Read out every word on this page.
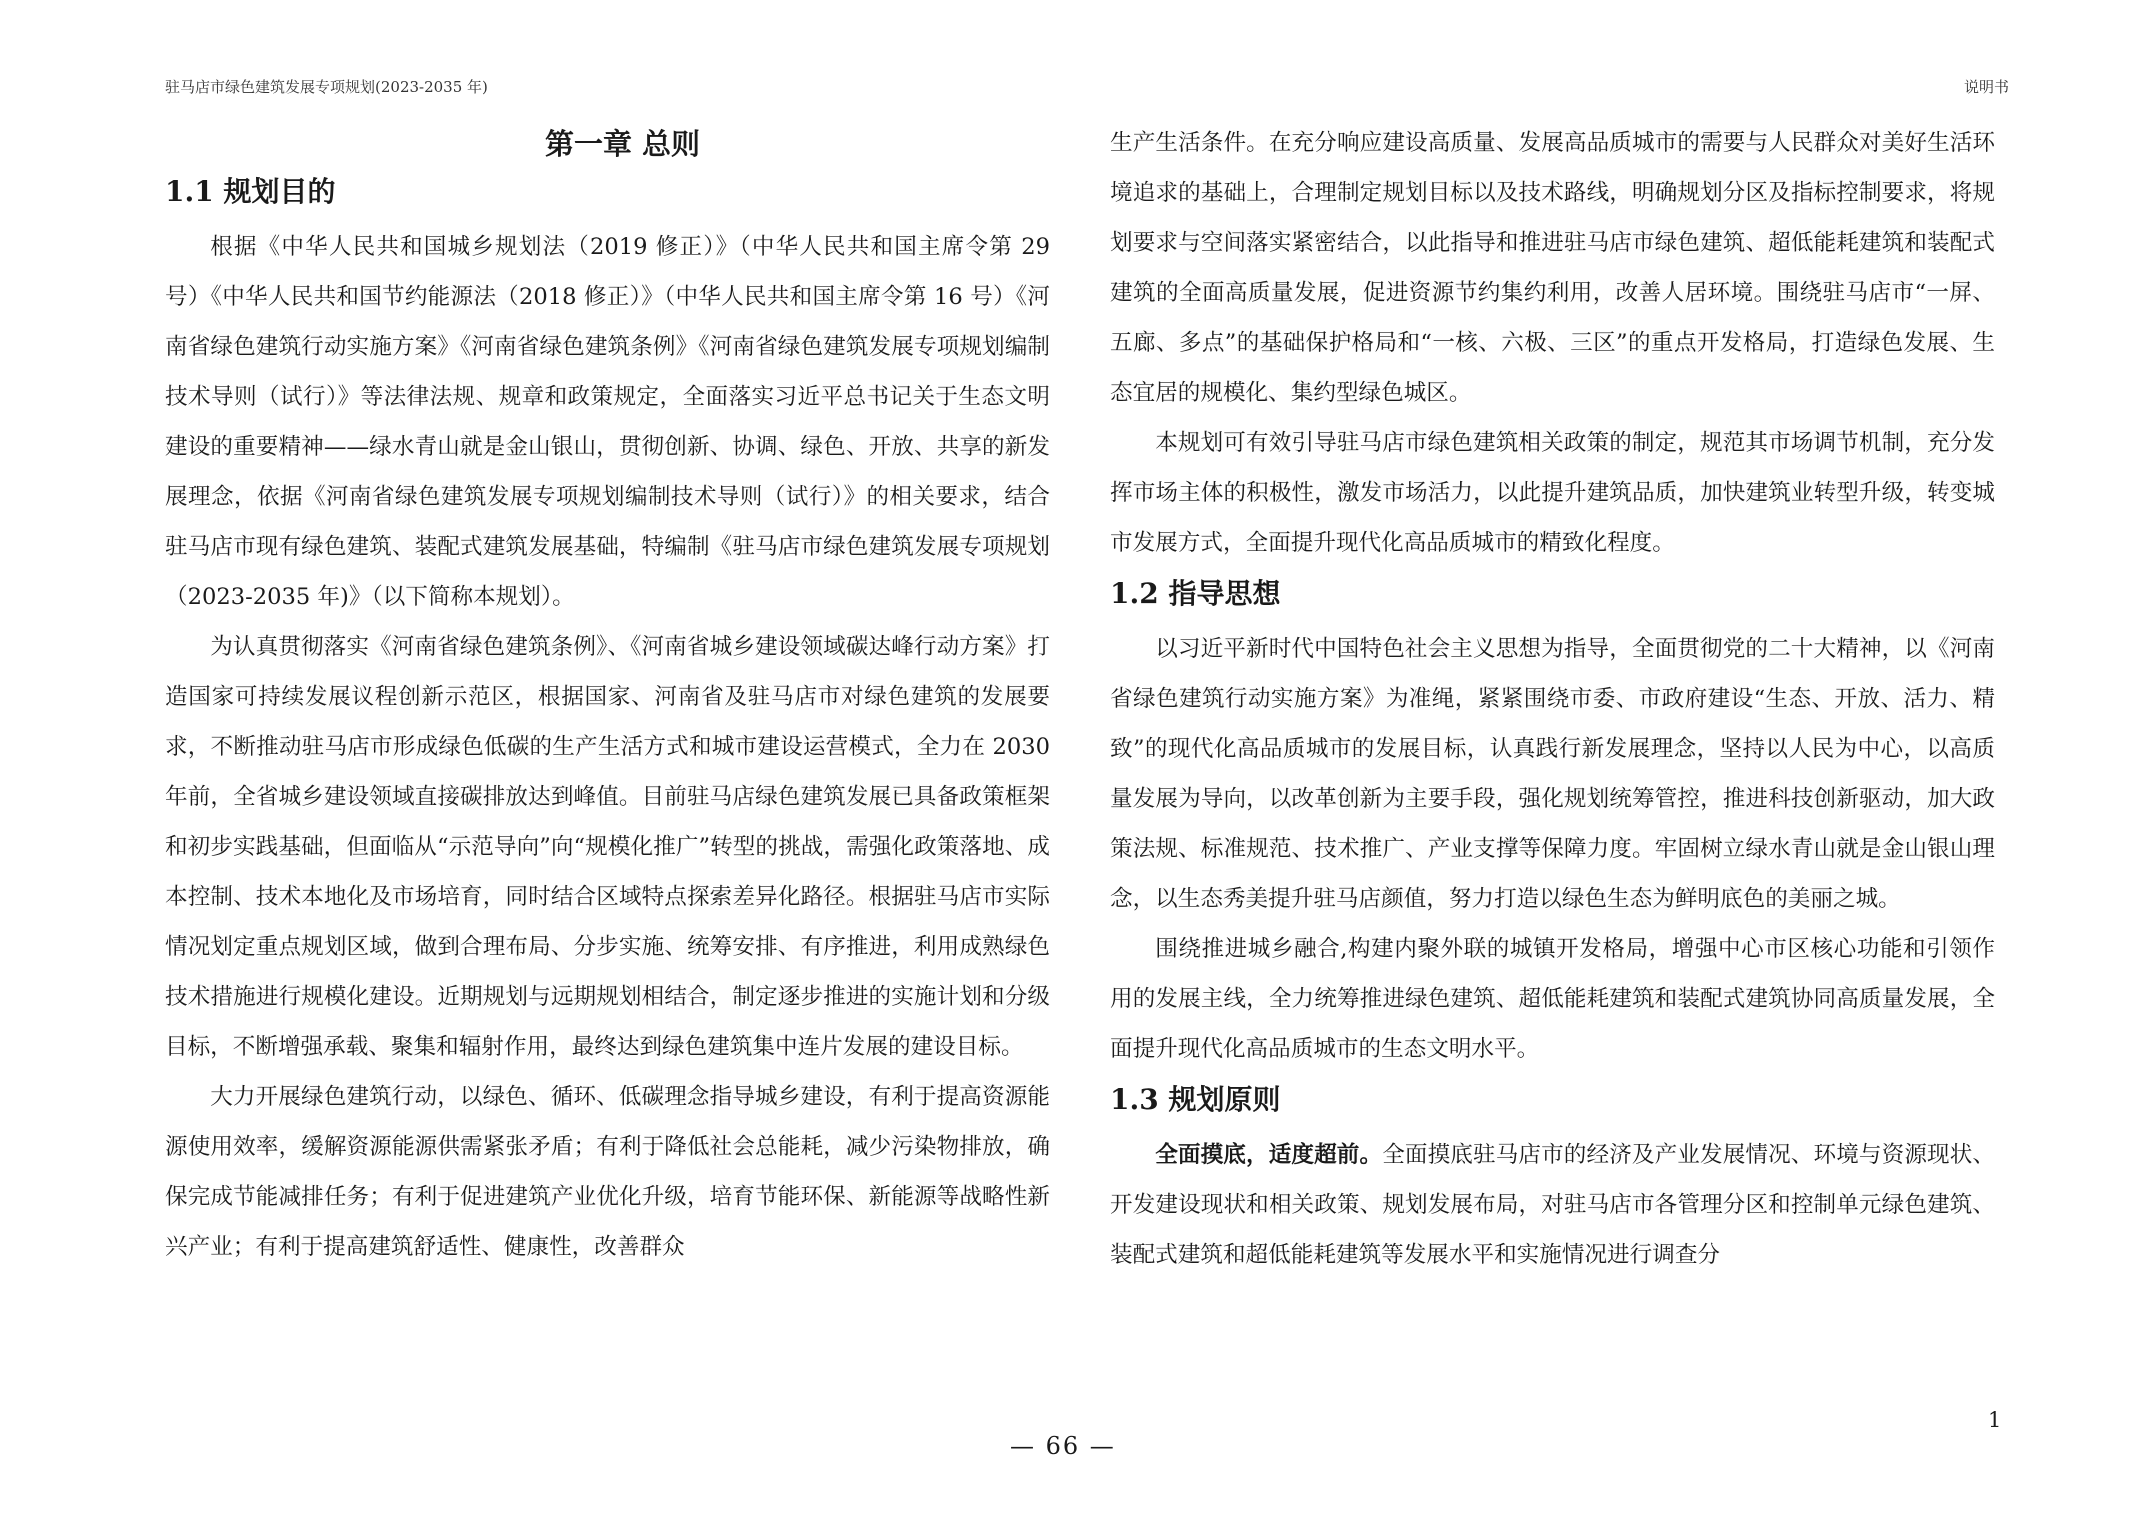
驻马店市绿色建筑发展专项规划(2023-2035 年)	说明书
第一章 总则
1.1 规划目的

根据《中华人民共和国城乡规划法（2019 修正）》（中华人民共和国主席令第 29 号）《中华人民共和国节约能源法（2018 修正）》（中华人民共和国主席令第 16 号）《河南省绿色建筑行动实施方案》《河南省绿色建筑条例》《河南省绿色建筑发展专项规划编制技术导则（试行）》等法律法规、规章和政策规定，全面落实习近平总书记关于生态文明建设的重要精神——绿水青山就是金山银山，贯彻创新、协调、绿色、开放、共享的新发展理念，依据《河南省绿色建筑发展专项规划编制技术导则（试行）》的相关要求，结合驻马店市现有绿色建筑、装配式建筑发展基础，特编制《驻马店市绿色建筑发展专项规划（2023-2035 年)》（以下简称本规划）。

为认真贯彻落实《河南省绿色建筑条例》、《河南省城乡建设领域碳达峰行动方案》打造国家可持续发展议程创新示范区，根据国家、河南省及驻马店市对绿色建筑的发展要求，不断推动驻马店市形成绿色低碳的生产生活方式和城市建设运营模式，全力在 2030 年前，全省城乡建设领域直接碳排放达到峰值。目前驻马店绿色建筑发展已具备政策框架和初步实践基础，但面临从“示范导向”向“规模化推广”转型的挑战，需强化政策落地、成本控制、技术本地化及市场培育，同时结合区域特点探索差异化路径。根据驻马店市实际情况划定重点规划区域，做到合理布局、分步实施、统筹安排、有序推进，利用成熟绿色技术措施进行规模化建设。近期规划与远期规划相结合，制定逐步推进的实施计划和分级目标，不断增强承载、聚集和辐射作用，最终达到绿色建筑集中连片发展的建设目标。

大力开展绿色建筑行动，以绿色、循环、低碳理念指导城乡建设，有利于提高资源能源使用效率，缓解资源能源供需紧张矛盾；有利于降低社会总能耗，减少污染物排放，确保完成节能减排任务；有利于促进建筑产业优化升级，培育节能环保、新能源等战略性新兴产业；有利于提高建筑舒适性、健康性，改善群众

生产生活条件。在充分响应建设高质量、发展高品质城市的需要与人民群众对美好生活环境追求的基础上，合理制定规划目标以及技术路线，明确规划分区及指标控制要求，将规划要求与空间落实紧密结合，以此指导和推进驻马店市绿色建筑、超低能耗建筑和装配式建筑的全面高质量发展，促进资源节约集约利用，改善人居环境。围绕驻马店市“一屏、五廊、多点”的基础保护格局和“一核、六极、三区”的重点开发格局，打造绿色发展、生态宜居的规模化、集约型绿色城区。

本规划可有效引导驻马店市绿色建筑相关政策的制定，规范其市场调节机制，充分发挥市场主体的积极性，激发市场活力，以此提升建筑品质，加快建筑业转型升级，转变城市发展方式，全面提升现代化高品质城市的精致化程度。

1.2 指导思想

以习近平新时代中国特色社会主义思想为指导，全面贯彻党的二十大精神，以《河南省绿色建筑行动实施方案》为准绳，紧紧围绕市委、市政府建设“生态、开放、活力、精致”的现代化高品质城市的发展目标，认真践行新发展理念，坚持以人民为中心，以高质量发展为导向，以改革创新为主要手段，强化规划统筹管控，推进科技创新驱动，加大政策法规、标准规范、技术推广、产业支撑等保障力度。牢固树立绿水青山就是金山银山理念，以生态秀美提升驻马店颜值，努力打造以绿色生态为鲜明底色的美丽之城。

围绕推进城乡融合,构建内聚外联的城镇开发格局，增强中心市区核心功能和引领作用的发展主线，全力统筹推进绿色建筑、超低能耗建筑和装配式建筑协同高质量发展，全面提升现代化高品质城市的生态文明水平。

1.3 规划原则

全面摸底，适度超前。全面摸底驻马店市的经济及产业发展情况、环境与资源现状、开发建设现状和相关政策、规划发展布局，对驻马店市各管理分区和控制单元绿色建筑、装配式建筑和超低能耗建筑等发展水平和实施情况进行调查分

1
— 66 —
